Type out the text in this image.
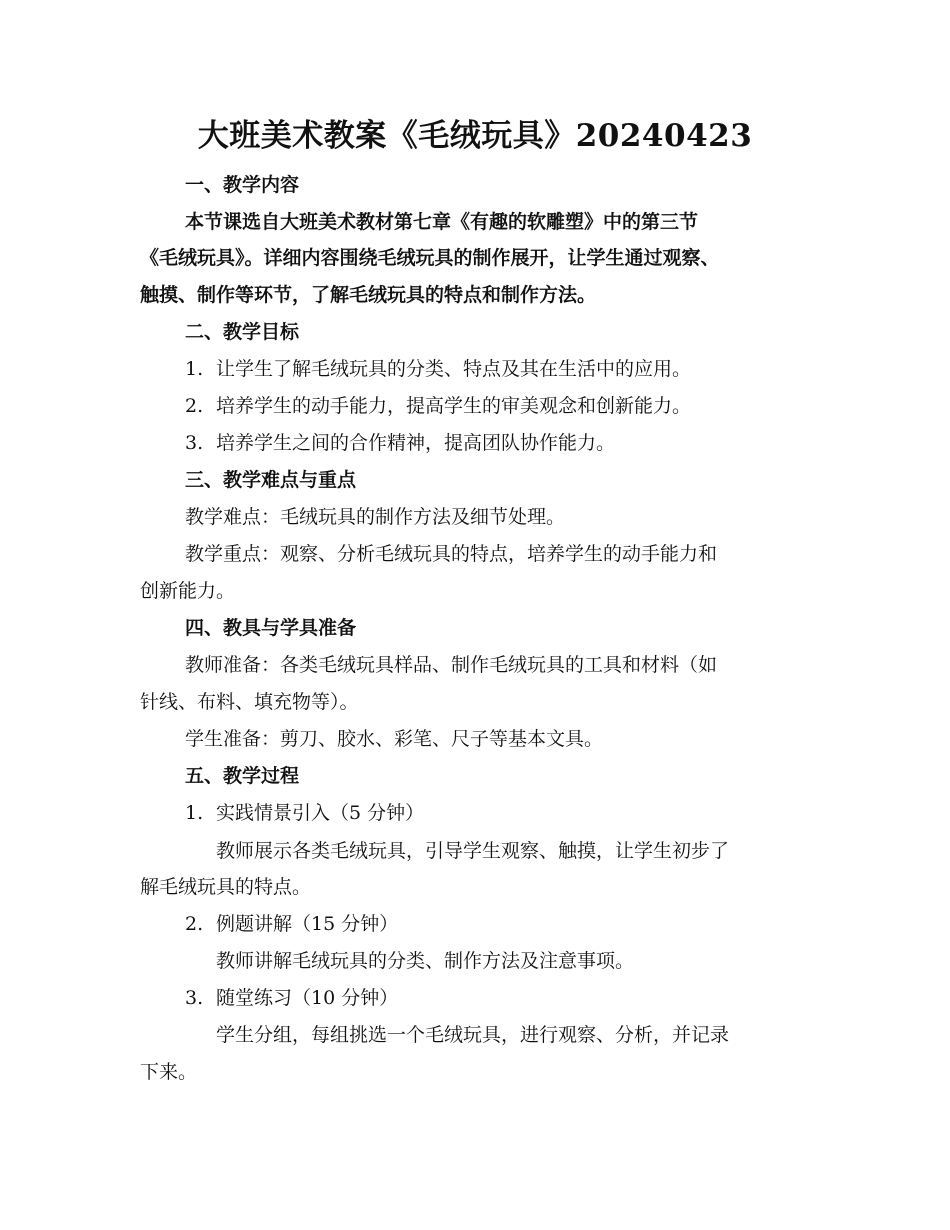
大班美术教案《毛绒玩具》20240423
一、教学内容
本节课选自大班美术教材第七章《有趣的软雕塑》中的第三节
《毛绒玩具》。详细内容围绕毛绒玩具的制作展开，让学生通过观察、
触摸、制作等环节，了解毛绒玩具的特点和制作方法。
二、教学目标
1. 让学生了解毛绒玩具的分类、特点及其在生活中的应用。
2. 培养学生的动手能力，提高学生的审美观念和创新能力。
3. 培养学生之间的合作精神，提高团队协作能力。
三、教学难点与重点
教学难点：毛绒玩具的制作方法及细节处理。
教学重点：观察、分析毛绒玩具的特点，培养学生的动手能力和
创新能力。
四、教具与学具准备
教师准备：各类毛绒玩具样品、制作毛绒玩具的工具和材料（如
针线、布料、填充物等）。
学生准备：剪刀、胶水、彩笔、尺子等基本文具。
五、教学过程
1. 实践情景引入（5 分钟）
教师展示各类毛绒玩具，引导学生观察、触摸，让学生初步了
解毛绒玩具的特点。
2. 例题讲解（15 分钟）
教师讲解毛绒玩具的分类、制作方法及注意事项。
3. 随堂练习（10 分钟）
学生分组，每组挑选一个毛绒玩具，进行观察、分析，并记录
下来。
